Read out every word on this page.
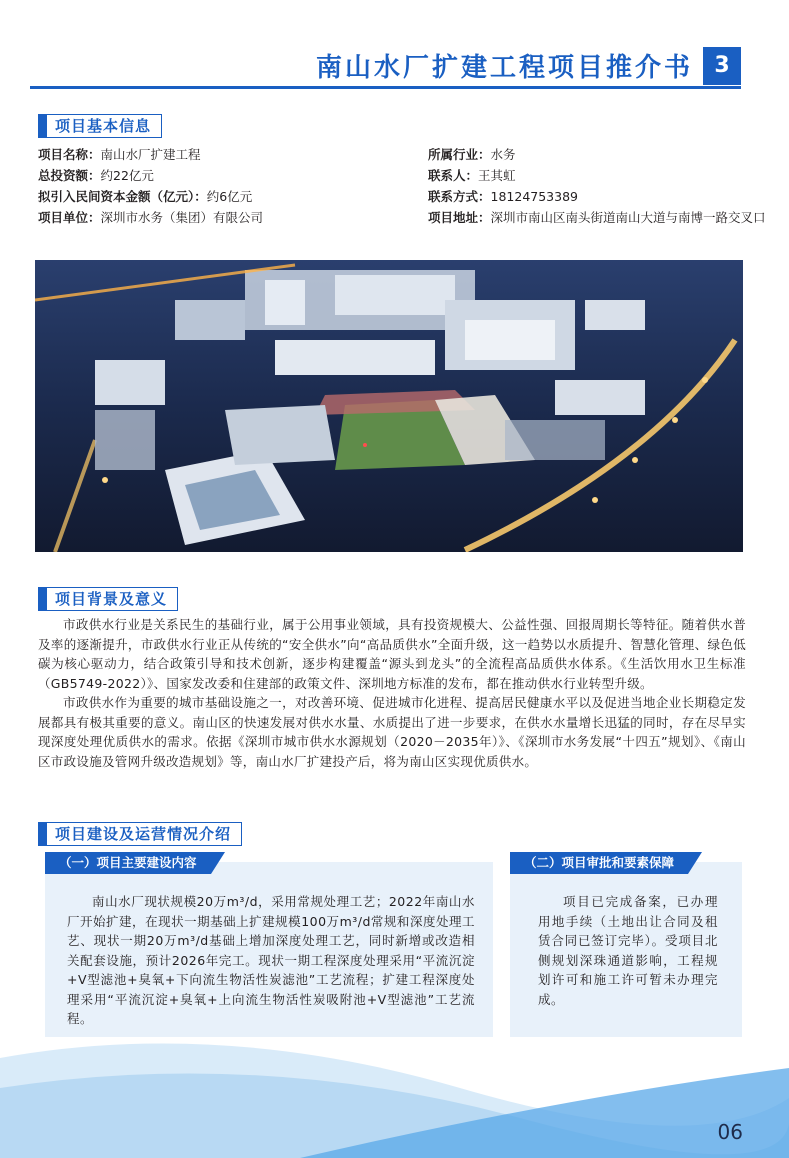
南山水厂扩建工程项目推介书 3
项目基本信息
项目名称：南山水厂扩建工程
总投资额：约22亿元
拟引入民间资本金额（亿元）：约6亿元
项目单位：深圳市水务（集团）有限公司
所属行业：水务
联系人：王其虹
联系方式：18124753389
项目地址：深圳市南山区南头街道南山大道与南博一路交叉口
项目背景及意义

市政供水行业是关系民生的基础行业，属于公用事业领域，具有投资规模大、公益性强、回报周期长等特征。随着供水普及率的逐渐提升，市政供水行业正从传统的“安全供水”向“高品质供水”全面升级，这一趋势以水质提升、智慧化管理、绿色低碳为核心驱动力，结合政策引导和技术创新，逐步构建覆盖“源头到龙头”的全流程高品质供水体系。《生活饮用水卫生标准（GB5749-2022）》、国家发改委和住建部的政策文件、深圳地方标准的发布，都在推动供水行业转型升级。

市政供水作为重要的城市基础设施之一，对改善环境、促进城市化进程、提高居民健康水平以及促进当地企业长期稳定发展都具有极其重要的意义。南山区的快速发展对供水水量、水质提出了进一步要求，在供水水量增长迅猛的同时，存在尽早实现深度处理优质供水的需求。依据《深圳市城市供水水源规划（2020－2035年）》、《深圳市水务发展“十四五”规划》、《南山区市政设施及管网升级改造规划》等，南山水厂扩建投产后，将为南山区实现优质供水。

项目建设及运营情况介绍
（一）项目主要建设内容

南山水厂现状规模20万m³/d，采用常规处理工艺；2022年南山水厂开始扩建，在现状一期基础上扩建规模100万m³/d常规和深度处理工艺、现状一期20万m³/d基础上增加深度处理工艺，同时新增或改造相关配套设施，预计2026年完工。现状一期工程深度处理采用“平流沉淀+V型滤池+臭氧+下向流生物活性炭滤池”工艺流程；扩建工程深度处理采用“平流沉淀+臭氧+上向流生物活性炭吸附池+V型滤池”工艺流程。

（二）项目审批和要素保障

项目已完成备案，已办理用地手续（土地出让合同及租赁合同已签订完毕）。受项目北侧规划深珠通道影响，工程规划许可和施工许可暂未办理完成。

06
